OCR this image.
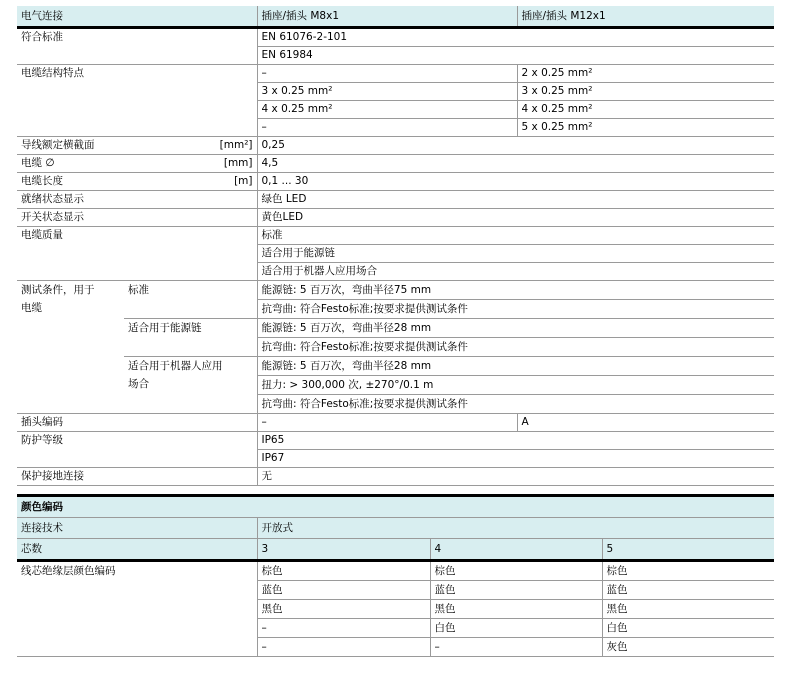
电气连接		插座/插头 M8x1	插座/插头 M12x1
符合标准		EN 61076-2-101	
		EN 61984	
电缆结构特点		–	2 x 0.25 mm²
		3 x 0.25 mm²	3 x 0.25 mm²
		4 x 0.25 mm²	4 x 0.25 mm²
		–	5 x 0.25 mm²
导线额定横截面 [mm²]		0,25	
电缆 ∅ [mm]		4,5	
电缆长度 [m]		0,1 ... 30	
就绪状态显示		绿色 LED	
开关状态显示		黄色LED	
电缆质量		标准	
		适合用于能源链	
		适合用于机器人应用场合	

测试条件，用于
电缆	标准	能源链: 5 百万次，弯曲半径75 mm	
		抗弯曲: 符合Festo标准;按要求提供测试条件	
	适合用于能源链	能源链: 5 百万次，弯曲半径28 mm	
		抗弯曲: 符合Festo标准;按要求提供测试条件	

	适合用于机器人应用
场合	能源链: 5 百万次，弯曲半径28 mm	
		扭力: > 300,000 次, ±270°/0.1 m	
		抗弯曲: 符合Festo标准;按要求提供测试条件	
插头编码		–	A
防护等级		IP65	
		IP67	
保护接地连接		无	
颜色编码			
连接技术	开放式		
芯数	3	4	5
线芯绝缘层颜色编码	棕色	棕色	棕色
	蓝色	蓝色	蓝色
	黑色	黑色	黑色
	–	白色	白色
	–	–	灰色
